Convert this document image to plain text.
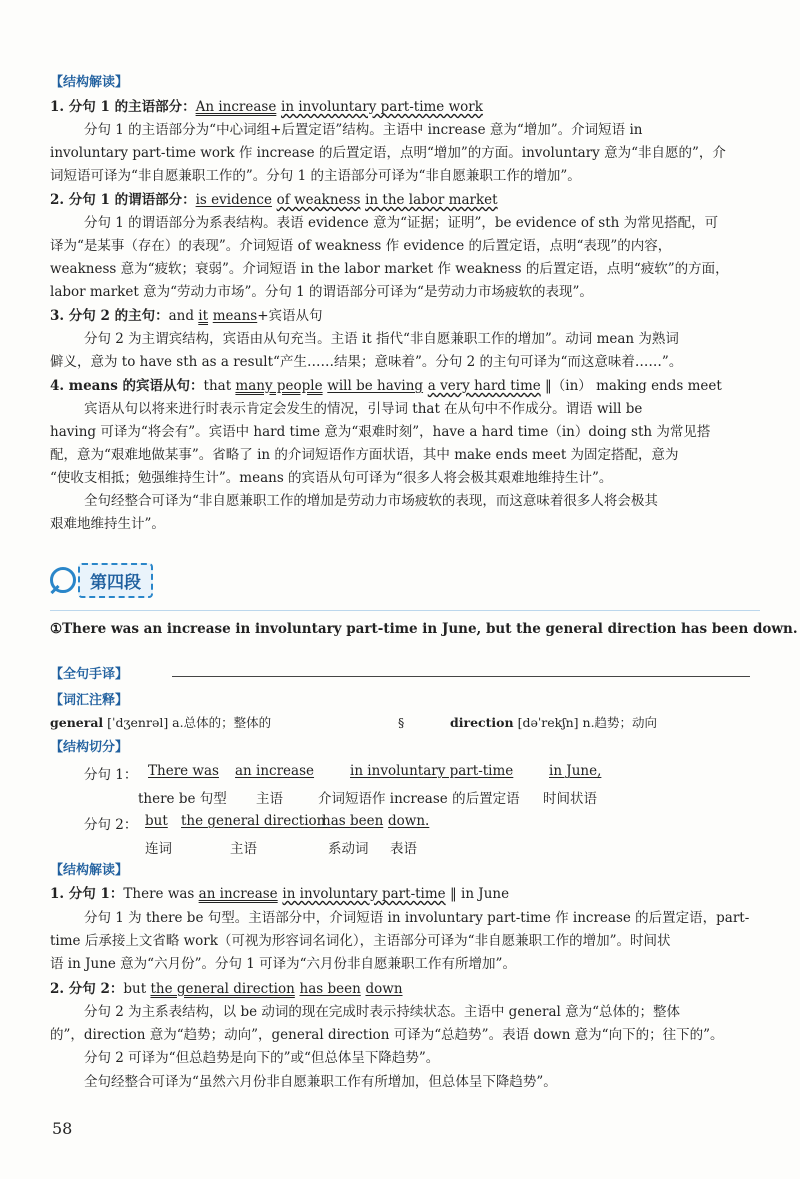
【结构解读】
1. 分句 1 的主语部分：An increase in involuntary part-time work
分句 1 的主语部分为“中心词组+后置定语”结构。主语中 increase 意为“增加”。介词短语 in
involuntary part-time work 作 increase 的后置定语，点明“增加”的方面。involuntary 意为“非自愿的”，介
词短语可译为“非自愿兼职工作的”。分句 1 的主语部分可译为“非自愿兼职工作的增加”。
2. 分句 1 的谓语部分：is evidence of weakness in the labor market
分句 1 的谓语部分为系表结构。表语 evidence 意为“证据；证明”，be evidence of sth 为常见搭配，可
译为“是某事（存在）的表现”。介词短语 of weakness 作 evidence 的后置定语，点明“表现”的内容，
weakness 意为“疲软；衰弱”。介词短语 in the labor market 作 weakness 的后置定语，点明“疲软”的方面，
labor market 意为“劳动力市场”。分句 1 的谓语部分可译为“是劳动力市场疲软的表现”。
3. 分句 2 的主句：and it means+宾语从句
分句 2 为主谓宾结构，宾语由从句充当。主语 it 指代“非自愿兼职工作的增加”。动词 mean 为熟词
僻义，意为 to have sth as a result“产生……结果；意味着”。分句 2 的主句可译为“而这意味着……”。
4. means 的宾语从句：that many people will be having a very hard time ‖（in） making ends meet
宾语从句以将来进行时表示肯定会发生的情况，引导词 that 在从句中不作成分。谓语 will be
having 可译为“将会有”。宾语中 hard time 意为“艰难时刻”，have a hard time（in）doing sth 为常见搭
配，意为“艰难地做某事”。省略了 in 的介词短语作方面状语，其中 make ends meet 为固定搭配，意为
“使收支相抵；勉强维持生计”。means 的宾语从句可译为“很多人将会极其艰难地维持生计”。
全句经整合可译为“非自愿兼职工作的增加是劳动力市场疲软的表现，而这意味着很多人将会极其
艰难地维持生计”。
第四段
①There was an increase in involuntary part-time in June, but the general direction has been down.
【全句手译】
【词汇注释】
general [ˈdʒenrəl] a.总体的；整体的	§	direction [dəˈrekʃn] n.趋势；动向
【结构切分】
分句 1： There was an increase	in involuntary part-time	in June,
there be 句型 主语	介词短语作 increase 的后置定语 时间状语
分句 2： but the general direction
has been down.
连词	主语	系动词 表语
【结构解读】
1. 分句 1：There was an increase in involuntary part-time ‖ in June
分句 1 为 there be 句型。主语部分中，介词短语 in involuntary part-time 作 increase 的后置定语，part-
time 后承接上文省略 work（可视为形容词名词化），主语部分可译为“非自愿兼职工作的增加”。时间状
语 in June 意为“六月份”。分句 1 可译为“六月份非自愿兼职工作有所增加”。
2. 分句 2：but the general direction has been down
分句 2 为主系表结构，以 be 动词的现在完成时表示持续状态。主语中 general 意为“总体的；整体
的”，direction 意为“趋势；动向”，general direction 可译为“总趋势”。表语 down 意为“向下的；往下的”。
分句 2 可译为“但总趋势是向下的”或“但总体呈下降趋势”。
全句经整合可译为“虽然六月份非自愿兼职工作有所增加，但总体呈下降趋势”。
58
